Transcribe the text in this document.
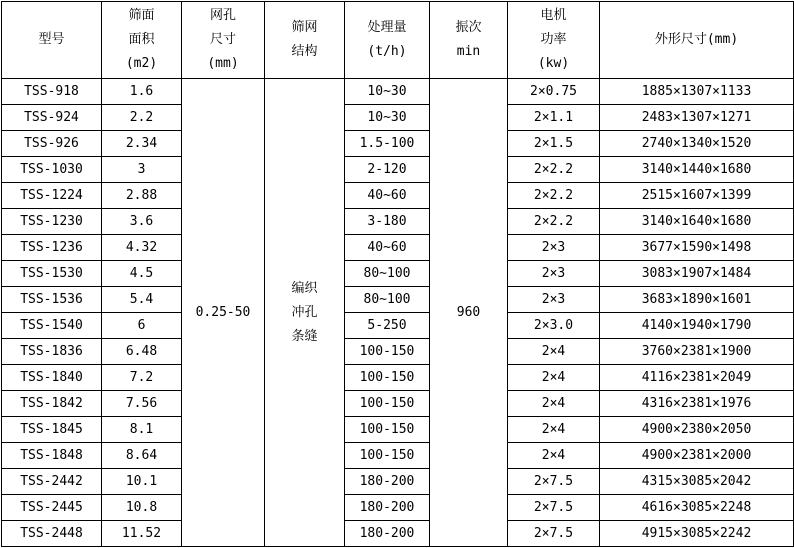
型号	筛面
面积
(m2)	网孔
尺寸
(mm)	筛网
结构	处理量
(t/h)	振次
min	电机
功率
(kw)	外形尺寸(mm)

TSS-918	1.6	0.25-50	编织
冲孔
条缝	10~30	960	2×0.75	1885×1307×1133
TSS-924	2.2			10~30		2×1.1	2483×1307×1271
TSS-926	2.34			1.5-100		2×1.5	2740×1340×1520
TSS-1030	3			2-120		2×2.2	3140×1440×1680
TSS-1224	2.88			40~60		2×2.2	2515×1607×1399
TSS-1230	3.6			3-180		2×2.2	3140×1640×1680
TSS-1236	4.32			40~60		2×3	3677×1590×1498
TSS-1530	4.5			80~100		2×3	3083×1907×1484
TSS-1536	5.4			80~100		2×3	3683×1890×1601
TSS-1540	6			5-250		2×3.0	4140×1940×1790
TSS-1836	6.48			100-150		2×4	3760×2381×1900
TSS-1840	7.2			100-150		2×4	4116×2381×2049
TSS-1842	7.56			100-150		2×4	4316×2381×1976
TSS-1845	8.1			100-150		2×4	4900×2380×2050
TSS-1848	8.64			100-150		2×4	4900×2381×2000
TSS-2442	10.1			180-200		2×7.5	4315×3085×2042
TSS-2445	10.8			180-200		2×7.5	4616×3085×2248
TSS-2448	11.52			180-200		2×7.5	4915×3085×2242
